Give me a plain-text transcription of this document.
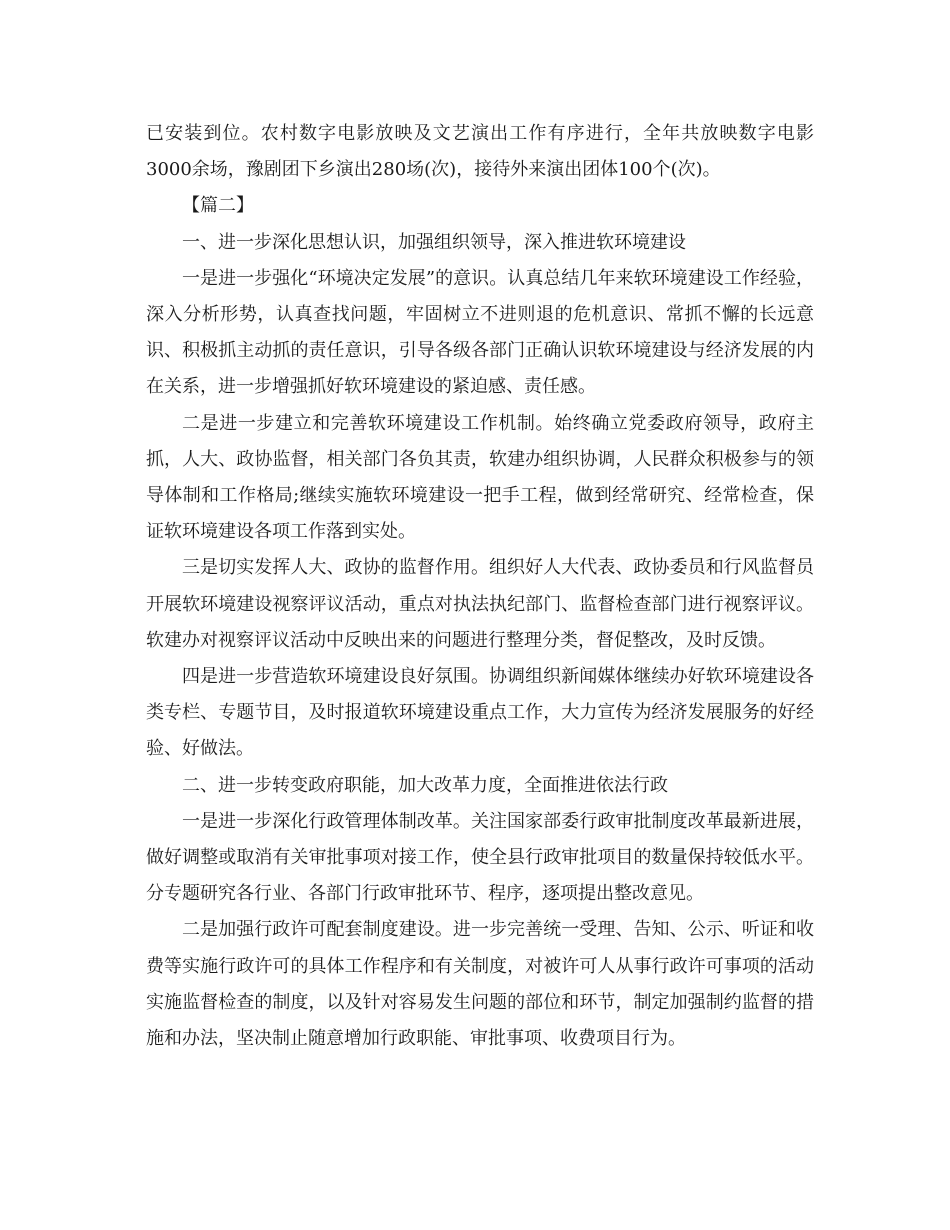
已安装到位。农村数字电影放映及文艺演出工作有序进行，全年共放映数字电影3000余场，豫剧团下乡演出280场(次)，接待外来演出团体100个(次)。

【篇二】

一、进一步深化思想认识，加强组织领导，深入推进软环境建设

一是进一步强化“环境决定发展”的意识。认真总结几年来软环境建设工作经验，深入分析形势，认真查找问题，牢固树立不进则退的危机意识、常抓不懈的长远意识、积极抓主动抓的责任意识，引导各级各部门正确认识软环境建设与经济发展的内在关系，进一步增强抓好软环境建设的紧迫感、责任感。

二是进一步建立和完善软环境建设工作机制。始终确立党委政府领导，政府主抓，人大、政协监督，相关部门各负其责，软建办组织协调，人民群众积极参与的领导体制和工作格局;继续实施软环境建设一把手工程，做到经常研究、经常检查，保证软环境建设各项工作落到实处。

三是切实发挥人大、政协的监督作用。组织好人大代表、政协委员和行风监督员开展软环境建设视察评议活动，重点对执法执纪部门、监督检查部门进行视察评议。软建办对视察评议活动中反映出来的问题进行整理分类，督促整改，及时反馈。

四是进一步营造软环境建设良好氛围。协调组织新闻媒体继续办好软环境建设各类专栏、专题节目，及时报道软环境建设重点工作，大力宣传为经济发展服务的好经验、好做法。

二、进一步转变政府职能，加大改革力度，全面推进依法行政

一是进一步深化行政管理体制改革。关注国家部委行政审批制度改革最新进展，做好调整或取消有关审批事项对接工作，使全县行政审批项目的数量保持较低水平。分专题研究各行业、各部门行政审批环节、程序，逐项提出整改意见。

二是加强行政许可配套制度建设。进一步完善统一受理、告知、公示、听证和收费等实施行政许可的具体工作程序和有关制度，对被许可人从事行政许可事项的活动实施监督检查的制度，以及针对容易发生问题的部位和环节，制定加强制约监督的措施和办法，坚决制止随意增加行政职能、审批事项、收费项目行为。
